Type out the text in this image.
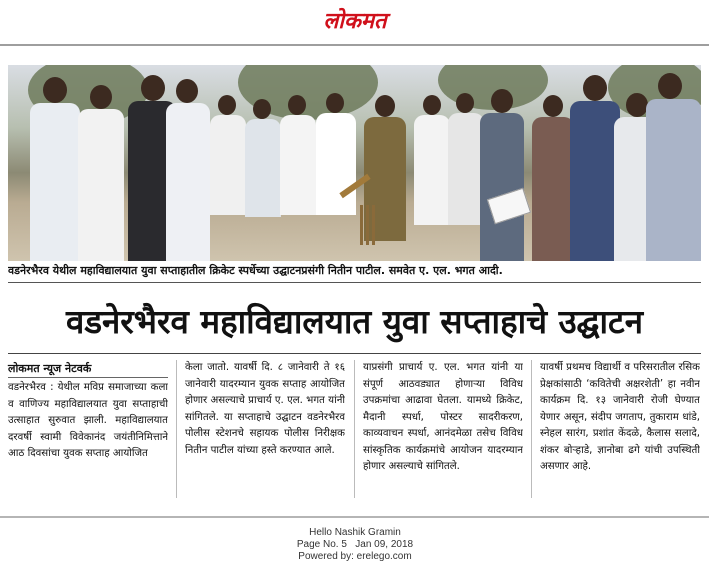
लोकमत
वडनेरभैरव येथील महाविद्यालयात युवा सप्ताहातील क्रिकेट स्पर्धेच्या उद्घाटनप्रसंगी नितीन पाटील. समवेत ए. एल. भगत आदी.
वडनेरभैरव महाविद्यालयात युवा सप्ताहाचे उद्घाटन
लोकमत न्यूज नेटवर्क
वडनेरभैरव : येथील मविप्र समाजाच्या कला व वाणिज्य महाविद्यालयात युवा सप्ताहाची उत्साहात सुरुवात झाली. महाविद्यालयात दरवर्षी स्वामी विवेकानंद जयंतीनिमित्ताने आठ दिवसांचा युवक सप्ताह आयोजित
केला जातो. यावर्षी दि. ८ जानेवारी ते १६ जानेवारी यादरम्यान युवक सप्ताह आयोजित होणार असल्याचे प्राचार्य ए. एल. भगत यांनी सांगितले. या सप्ताहाचे उद्घाटन वडनेरभैरव पोलीस स्टेशनचे सहायक पोलीस निरीक्षक नितीन पाटील यांच्या हस्ते करण्यात आले.
याप्रसंगी प्राचार्य ए. एल. भगत यांनी या संपूर्ण आठवड्यात होणाऱ्या विविध उपक्रमांचा आढावा घेतला. यामध्ये क्रिकेट, मैदानी स्पर्धा, पोस्टर सादरीकरण, काव्यवाचन स्पर्धा, आनंदमेळा तसेच विविध सांस्कृतिक कार्यक्रमांचे आयोजन यादरम्यान होणार असल्याचे सांगितले.
यावर्षी प्रथमच विद्यार्थी व परिसरातील रसिक प्रेक्षकांसाठी ‘कवितेची अक्षरशेती’ हा नवीन कार्यक्रम दि. १३ जानेवारी रोजी घेण्यात येणार असून, संदीप जगताप, तुकाराम धांडे, स्नेहल सारंग, प्रशांत केंदळे, कैलास सलादे, शंकर बोऱ्हाडे, ज्ञानोबा ढगे यांची उपस्थिती असणार आहे.
Hello Nashik Gramin
Page No. 5   Jan 09, 2018
Powered by: erelego.com
